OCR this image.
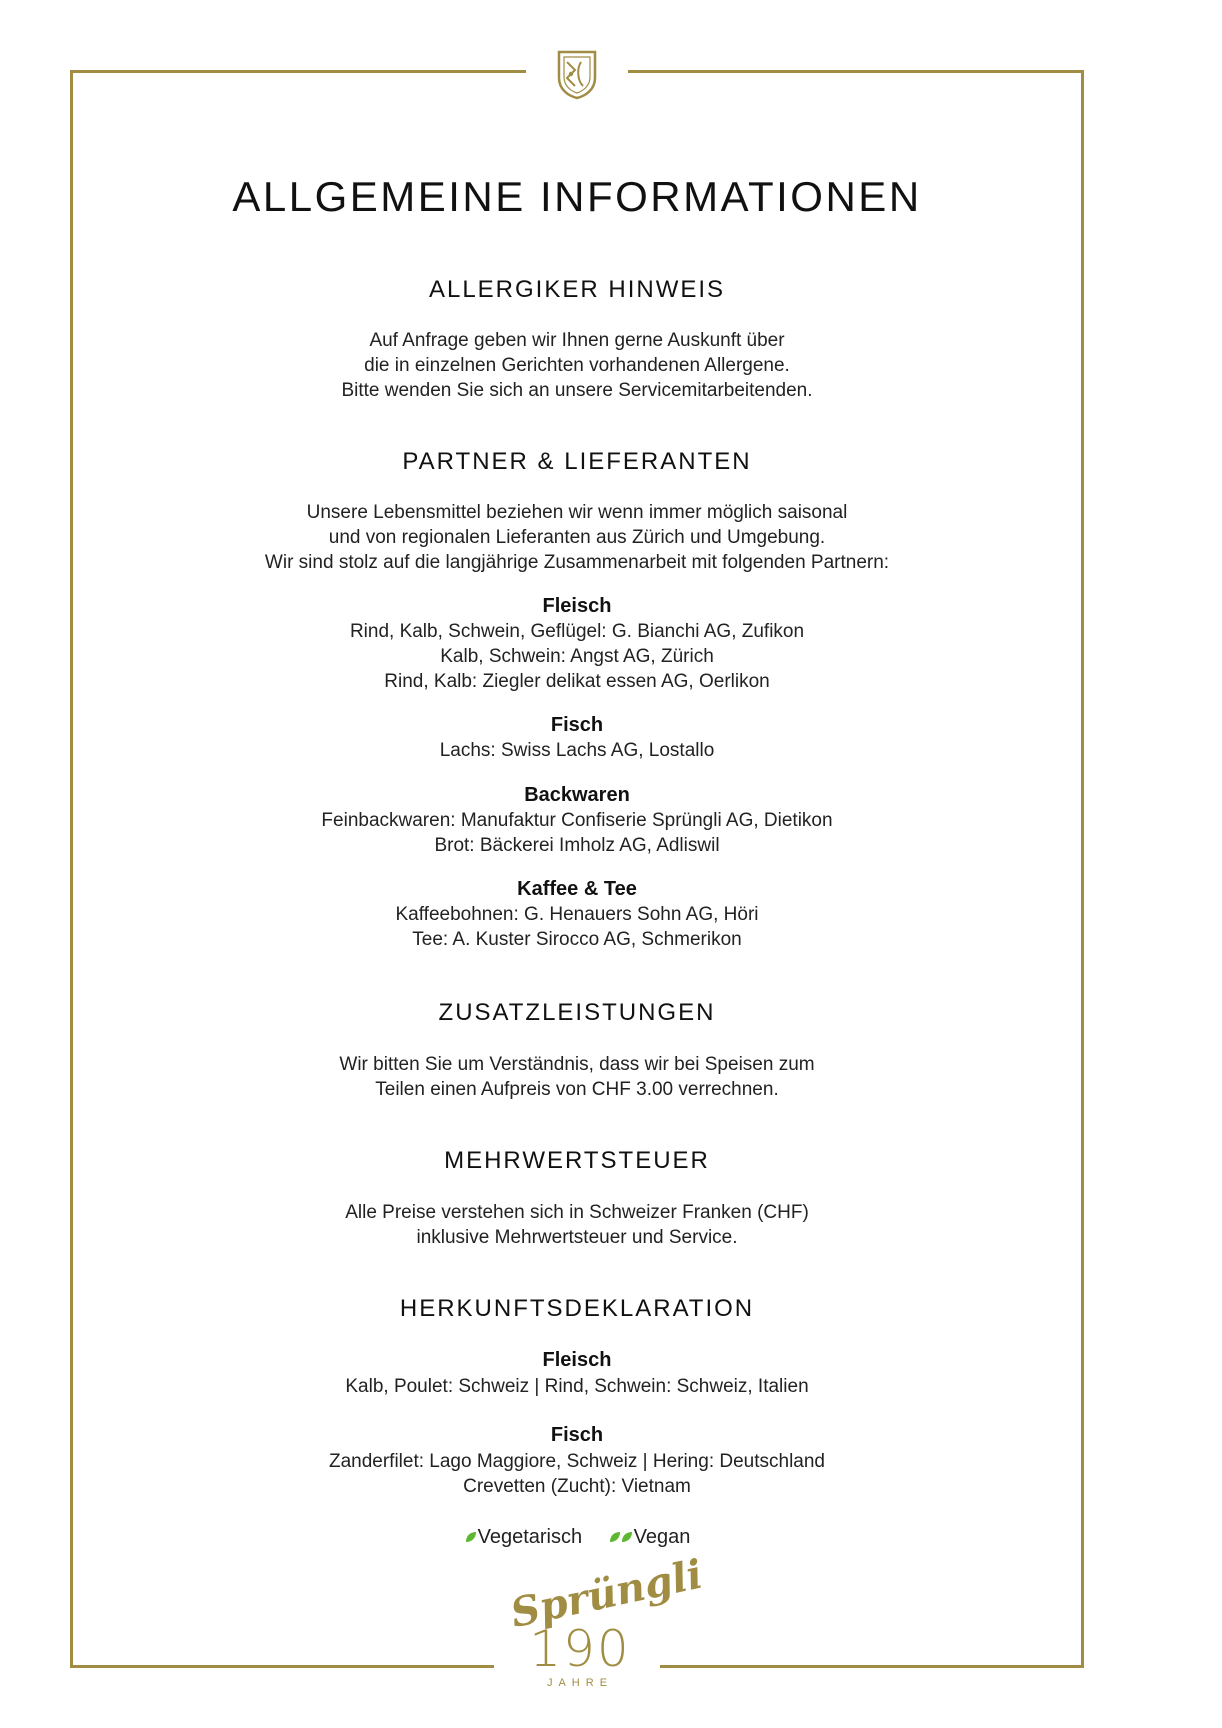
ALLGEMEINE INFORMATIONEN
ALLERGIKER HINWEIS

Auf Anfrage geben wir Ihnen gerne Auskunft über
die in einzelnen Gerichten vorhandenen Allergene.
Bitte wenden Sie sich an unsere Servicemitarbeitenden.

PARTNER & LIEFERANTEN

Unsere Lebensmittel beziehen wir wenn immer möglich saisonal
und von regionalen Lieferanten aus Zürich und Umgebung.
Wir sind stolz auf die langjährige Zusammenarbeit mit folgenden Partnern:

Fleisch

Rind, Kalb, Schwein, Geflügel: G. Bianchi AG, Zufikon
Kalb, Schwein: Angst AG, Zürich
Rind, Kalb: Ziegler delikat essen AG, Oerlikon

Fisch

Lachs: Swiss Lachs AG, Lostallo

Backwaren

Feinbackwaren: Manufaktur Confiserie Sprüngli AG, Dietikon
Brot: Bäckerei Imholz AG, Adliswil

Kaffee & Tee

Kaffeebohnen: G. Henauers Sohn AG, Höri
Tee: A. Kuster Sirocco AG, Schmerikon

ZUSATZLEISTUNGEN

Wir bitten Sie um Verständnis, dass wir bei Speisen zum
Teilen einen Aufpreis von CHF 3.00 verrechnen.

MEHRWERTSTEUER

Alle Preise verstehen sich in Schweizer Franken (CHF)
inklusive Mehrwertsteuer und Service.

HERKUNFTSDEKLARATION
Fleisch

Kalb, Poulet: Schweiz | Rind, Schwein: Schweiz, Italien

Fisch

Zanderfilet: Lago Maggiore, Schweiz | Hering: Deutschland
Crevetten (Zucht): Vietnam

Vegetarisch	Vegan
Sprüngli
190
JAHRE
